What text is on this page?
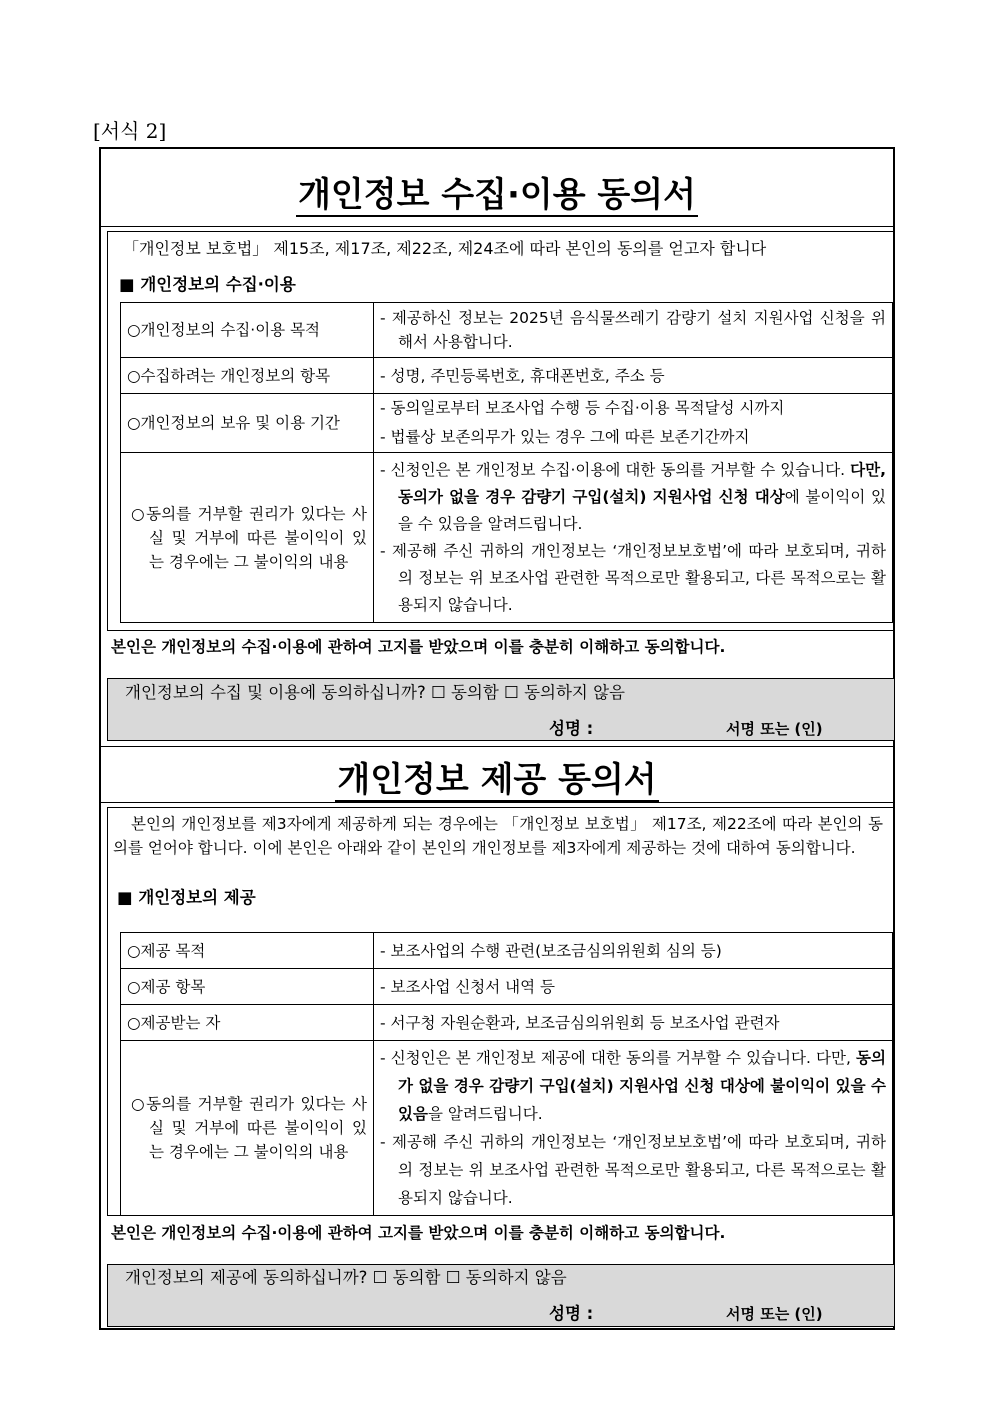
[서식 2]
개인정보 수집·이용 동의서
「개인정보 보호법」 제15조, 제17조, 제22조, 제24조에 따라 본인의 동의를 얻고자 합니다
■ 개인정보의 수집·이용
○개인정보의 수집·이용 목적	- 제공하신 정보는 2025년 음식물쓰레기 감량기 설치 지원사업 신청을 위해서 사용합니다.

○수집하려는 개인정보의 항목	- 성명, 주민등록번호, 휴대폰번호, 주소 등

○개인정보의 보유 및 이용 기간	- 동의일로부터 보조사업 수행 등 수집·이용 목적달성 시까지

- 법률상 보존의무가 있는 경우 그에 따른 보존기간까지

○동의를 거부할 권리가 있다는 사실 및 거부에 따른 불이익이 있는 경우에는 그 불이익의 내용	- 신청인은 본 개인정보 수집·이용에 대한 동의를 거부할 수 있습니다. 다만, 동의가 없을 경우 감량기 구입(설치) 지원사업 신청 대상에 불이익이 있을 수 있음을 알려드립니다.

- 제공해 주신 귀하의 개인정보는 ‘개인정보보호법’에 따라 보호되며, 귀하의 정보는 위 보조사업 관련한 목적으로만 활용되고, 다른 목적으로는 활용되지 않습니다.

본인은 개인정보의 수집·이용에 관하여 고지를 받았으며 이를 충분히 이해하고 동의합니다.
개인정보의 수집 및 이용에 동의하십니까? ☐ 동의함 ☐ 동의하지 않음
성명 :	서명 또는 (인)
개인정보 제공 동의서
본인의 개인정보를 제3자에게 제공하게 되는 경우에는 「개인정보 보호법」 제17조, 제22조에 따라 본인의 동의를 얻어야 합니다. 이에 본인은 아래와 같이 본인의 개인정보를 제3자에게 제공하는 것에 대하여 동의합니다.
■ 개인정보의 제공
○제공 목적	- 보조사업의 수행 관련(보조금심의위원회 심의 등)

○제공 항목	- 보조사업 신청서 내역 등

○제공받는 자	- 서구청 자원순환과, 보조금심의위원회 등 보조사업 관련자

○동의를 거부할 권리가 있다는 사실 및 거부에 따른 불이익이 있는 경우에는 그 불이익의 내용	- 신청인은 본 개인정보 제공에 대한 동의를 거부할 수 있습니다. 다만, 동의가 없을 경우 감량기 구입(설치) 지원사업 신청 대상에 불이익이 있을 수 있음을 알려드립니다.

- 제공해 주신 귀하의 개인정보는 ‘개인정보보호법’에 따라 보호되며, 귀하의 정보는 위 보조사업 관련한 목적으로만 활용되고, 다른 목적으로는 활용되지 않습니다.

본인은 개인정보의 수집·이용에 관하여 고지를 받았으며 이를 충분히 이해하고 동의합니다.
개인정보의 제공에 동의하십니까? ☐ 동의함 ☐ 동의하지 않음
성명 :	서명 또는 (인)
